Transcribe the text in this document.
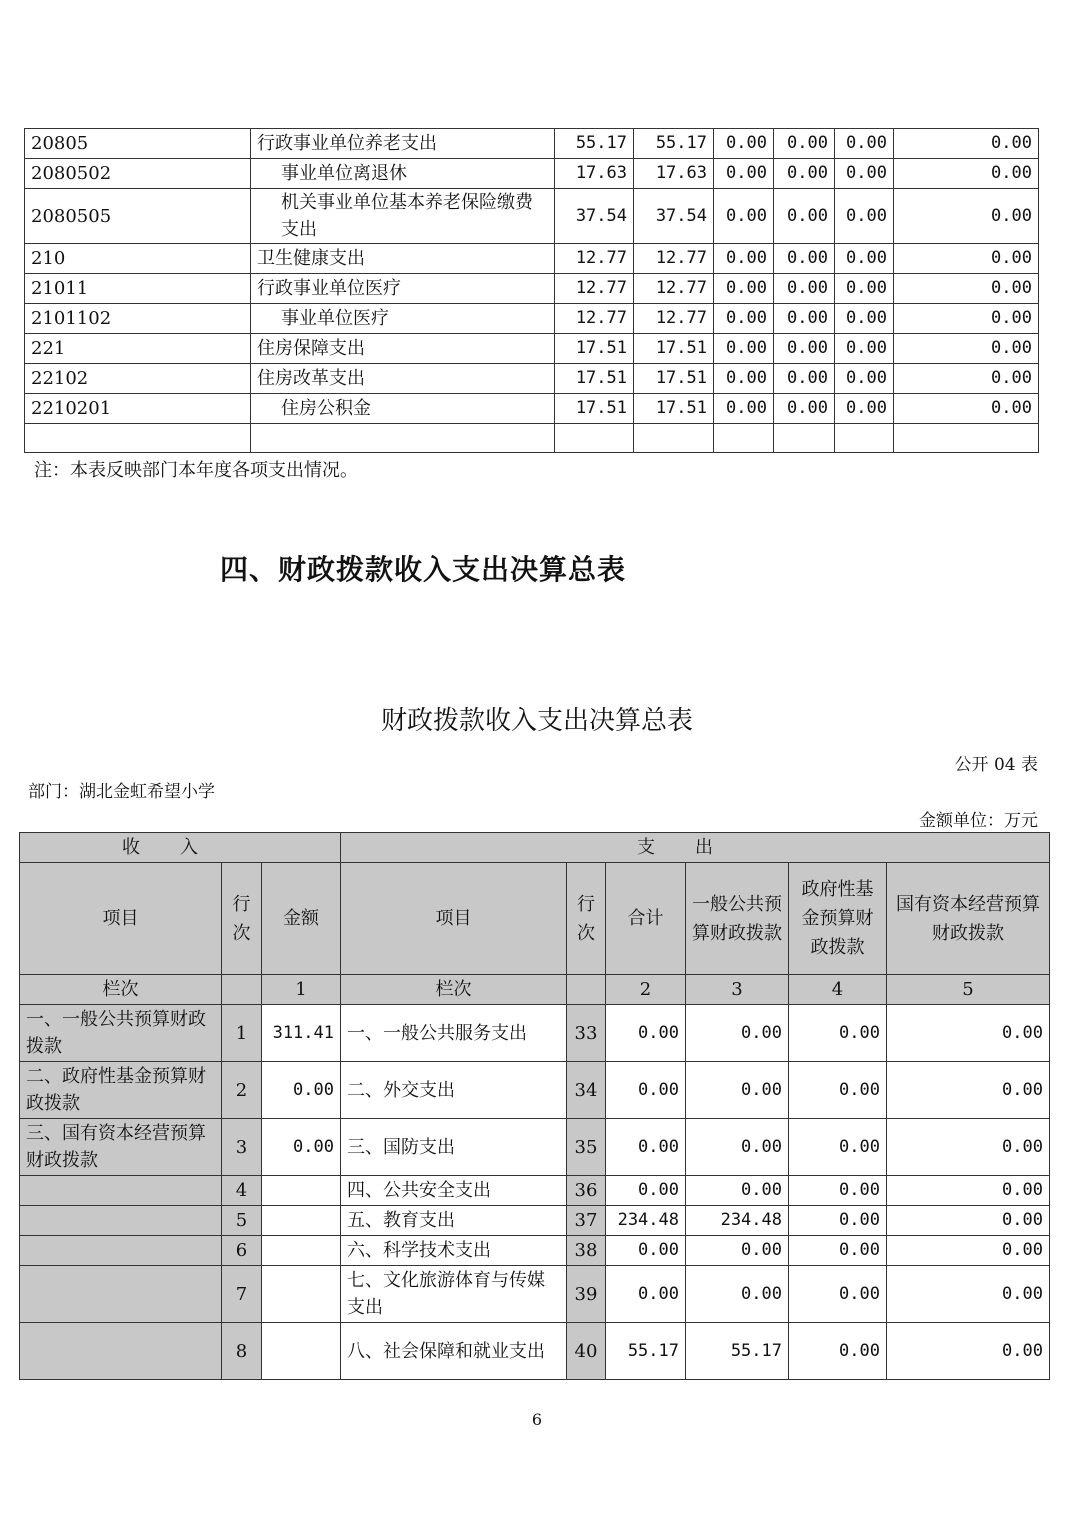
20805	行政事业单位养老支出	55.17	55.17	0.00	0.00	0.00	0.00
2080502	事业单位离退休	17.63	17.63	0.00	0.00	0.00	0.00
2080505	机关事业单位基本养老保险缴费支出	37.54	37.54	0.00	0.00	0.00	0.00
210	卫生健康支出	12.77	12.77	0.00	0.00	0.00	0.00
21011	行政事业单位医疗	12.77	12.77	0.00	0.00	0.00	0.00
2101102	事业单位医疗	12.77	12.77	0.00	0.00	0.00	0.00
221	住房保障支出	17.51	17.51	0.00	0.00	0.00	0.00
22102	住房改革支出	17.51	17.51	0.00	0.00	0.00	0.00
2210201	住房公积金	17.51	17.51	0.00	0.00	0.00	0.00

注：本表反映部门本年度各项支出情况。
四、财政拨款收入支出决算总表
财政拨款收入支出决算总表
公开 04 表
部门：湖北金虹希望小学
金额单位：万元
收入			支出					
项目	行次	金额	项目	行次	合计	一般公共预算财政拨款	政府性基金预算财政拨款	国有资本经营预算财政拨款
栏次		1	栏次		2	3	4	5
一、一般公共预算财政拨款	1	311.41	一、一般公共服务支出	33	0.00	0.00	0.00	0.00
二、政府性基金预算财政拨款	2	0.00	二、外交支出	34	0.00	0.00	0.00	0.00
三、国有资本经营预算财政拨款	3	0.00	三、国防支出	35	0.00	0.00	0.00	0.00
	4		四、公共安全支出	36	0.00	0.00	0.00	0.00
	5		五、教育支出	37	234.48	234.48	0.00	0.00
	6		六、科学技术支出	38	0.00	0.00	0.00	0.00
	7		七、文化旅游体育与传媒支出	39	0.00	0.00	0.00	0.00
	8		八、社会保障和就业支出	40	55.17	55.17	0.00	0.00
6
